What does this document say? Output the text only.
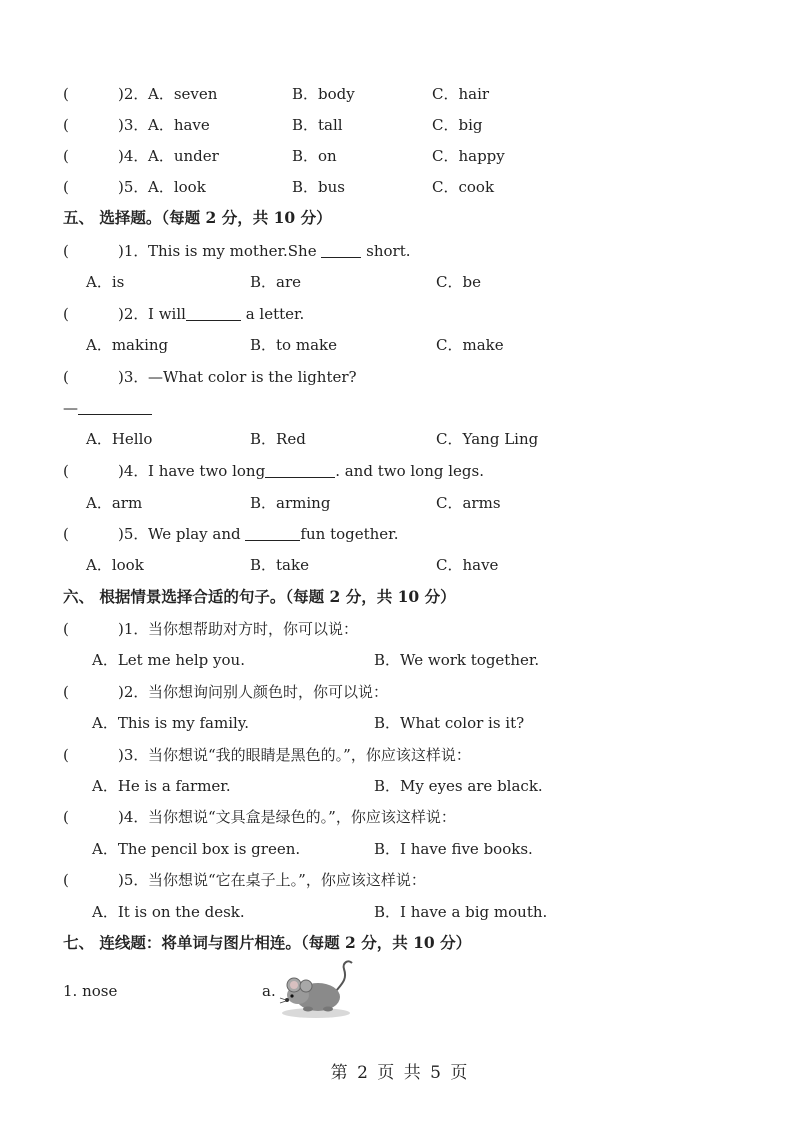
(	)2． A．seven	B．body	C．hair
(	)3． A．have	B．tall	C．big
(	)4． A．under	B．on	C．happy
(	)5． A．look	B．bus	C．cook
五、 选择题。（每题 2 分，共 10 分）
(	)1． This is my mother.She	short.
A．is	B．are	C．be
(	)2． I will	a letter.
A．making	B．to make	C．make
(	)3． —What color is the lighter?
—
A．Hello	B．Red	C．Yang Ling
(	)4． I have two long	. and two long legs.
A．arm	B．arming	C．arms
(	)5． We play and	fun together.
A．look	B．take	C．have
六、 根据情景选择合适的句子。（每题 2 分，共 10 分）
(	)1． 当你想帮助对方时，你可以说：
A．Let me help you.	B．We work together.
(	)2． 当你想询问别人颜色时，你可以说：
A．This is my family.	B．What color is it?
(	)3． 当你想说“我的眼睛是黑色的。”，你应该这样说：
A．He is a farmer.	B．My eyes are black.
(	)4． 当你想说“文具盒是绿色的。”，你应该这样说：
A．The pencil box is green.	B．I have five books.
(	)5． 当你想说“它在桌子上。”，你应该这样说：
A．It is on the desk.	B．I have a big mouth.
七、 连线题：将单词与图片相连。（每题 2 分，共 10 分）
1. nose	a.
第 2 页 共 5 页
